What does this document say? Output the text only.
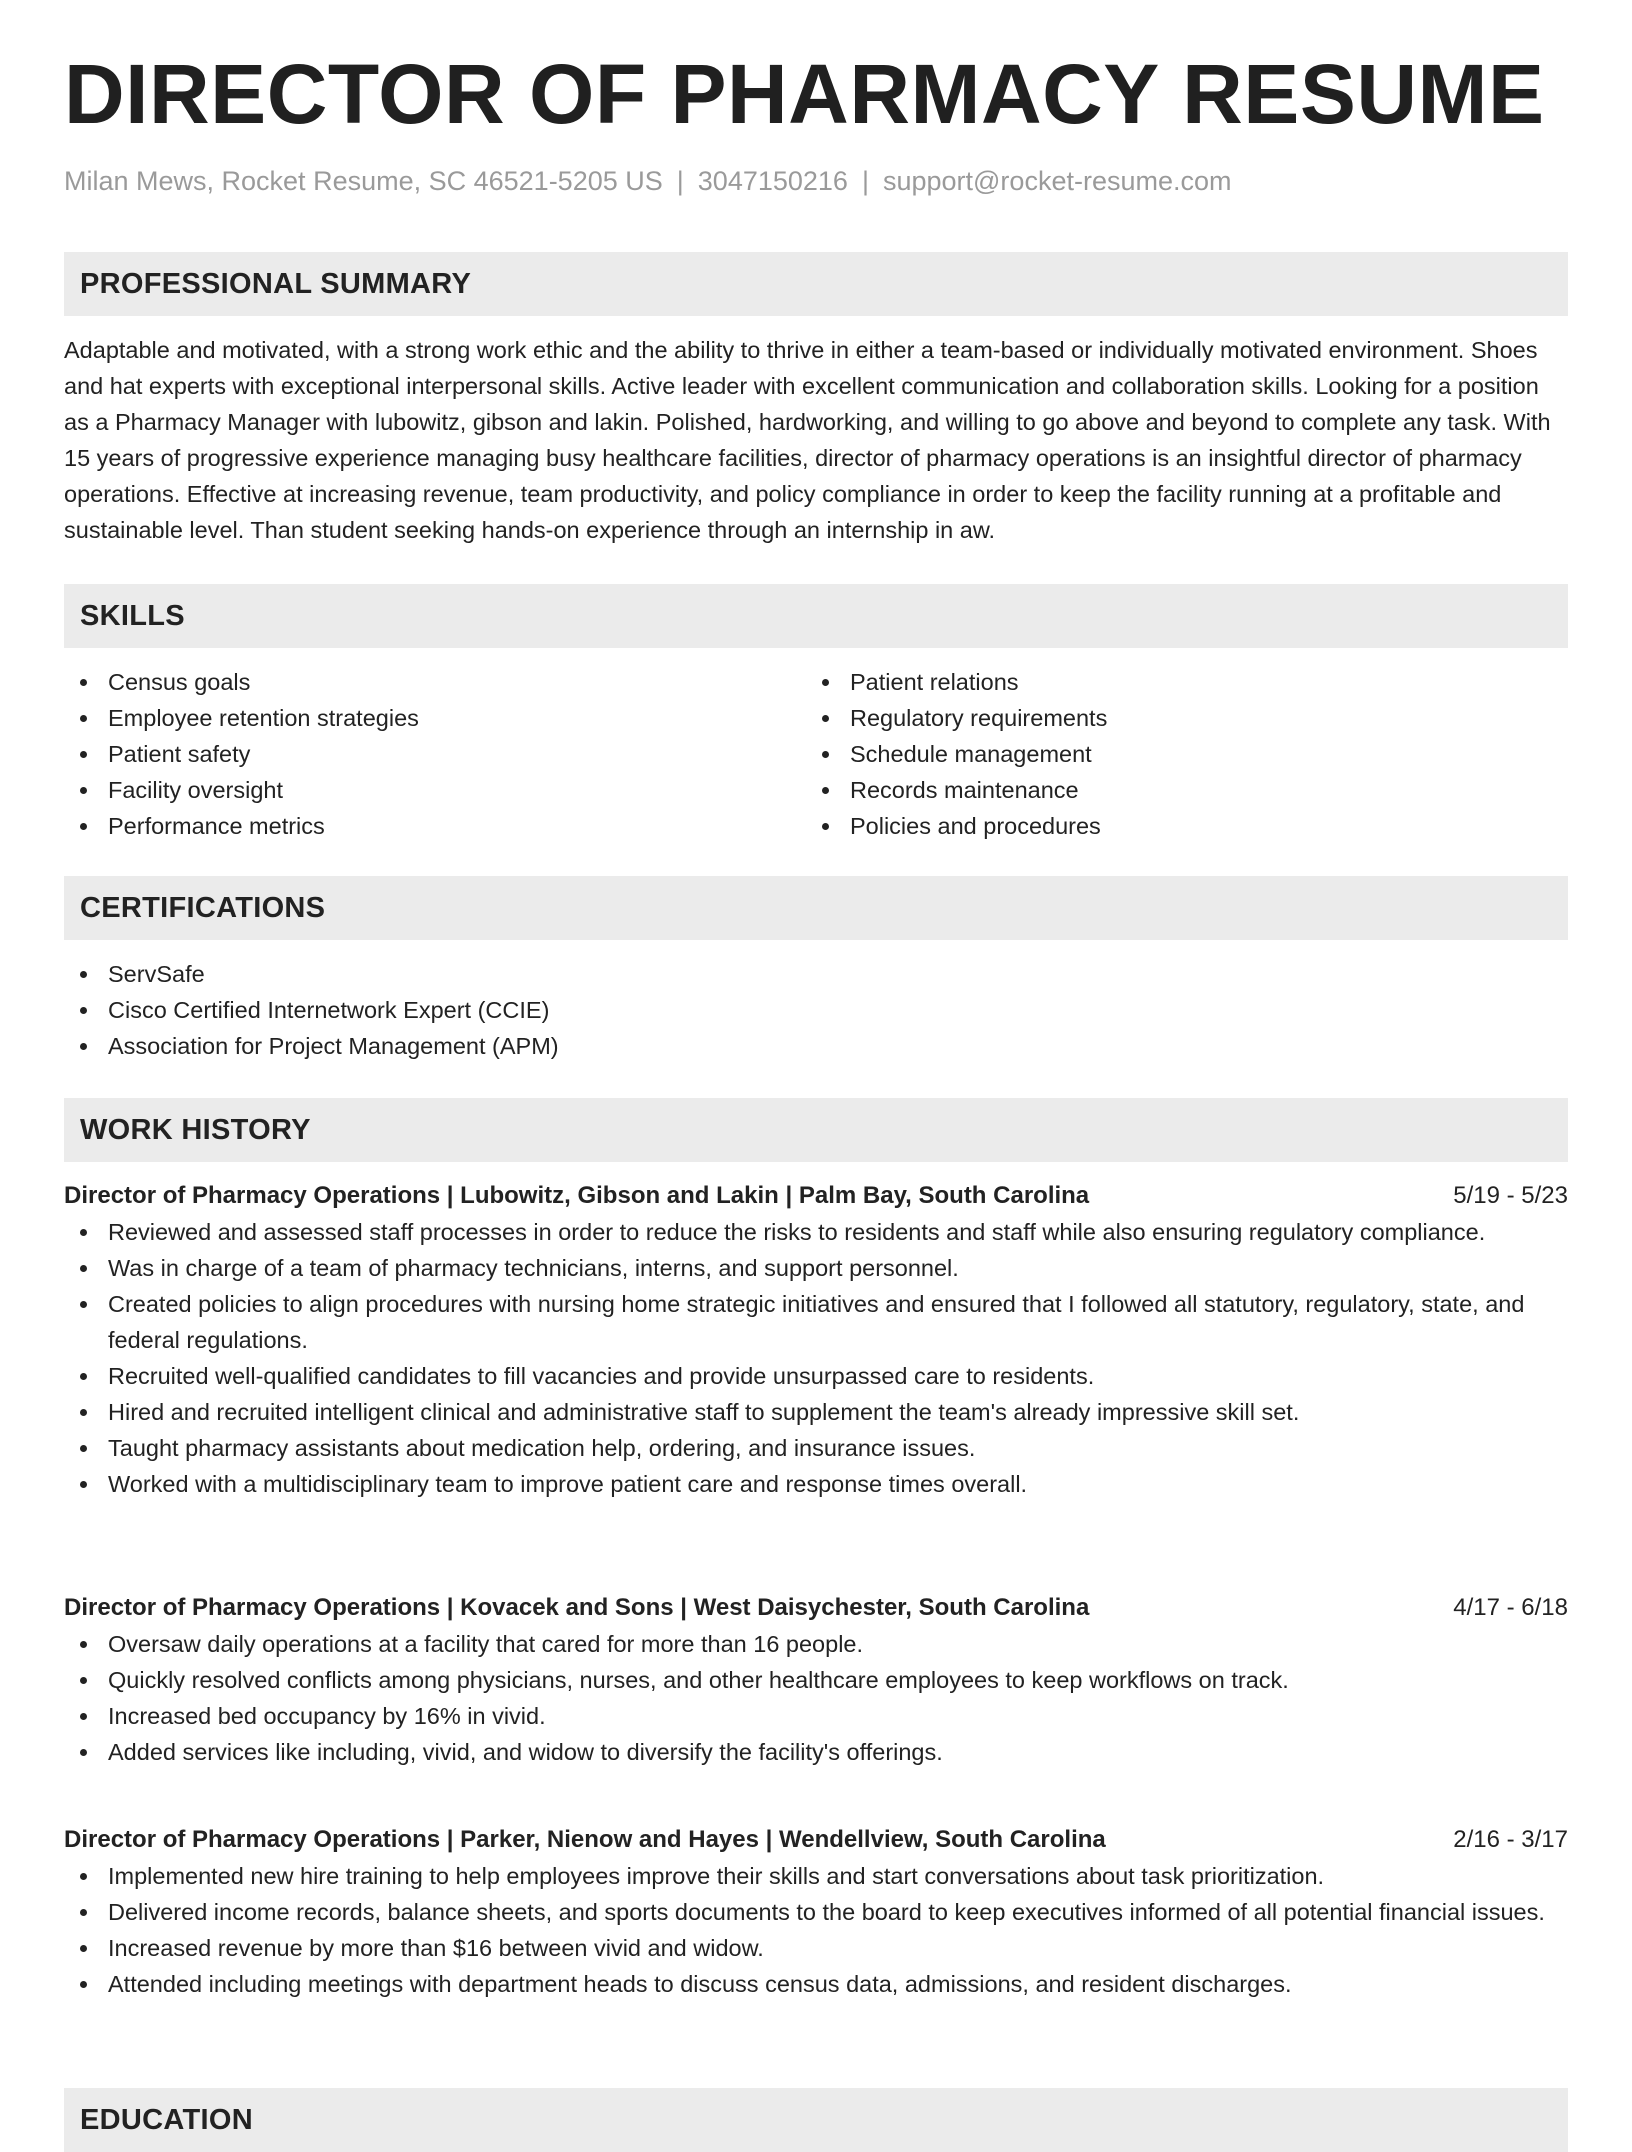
DIRECTOR OF PHARMACY RESUME
Milan Mews, Rocket Resume, SC 46521-5205 US | 3047150216 | support@rocket-resume.com
PROFESSIONAL SUMMARY
Adaptable and motivated, with a strong work ethic and the ability to thrive in either a team-based or individually motivated environment. Shoes and hat experts with exceptional interpersonal skills. Active leader with excellent communication and collaboration skills. Looking for a position as a Pharmacy Manager with lubowitz, gibson and lakin. Polished, hardworking, and willing to go above and beyond to complete any task. With 15 years of progressive experience managing busy healthcare facilities, director of pharmacy operations is an insightful director of pharmacy operations. Effective at increasing revenue, team productivity, and policy compliance in order to keep the facility running at a profitable and sustainable level. Than student seeking hands-on experience through an internship in aw.
SKILLS
Census goals
Employee retention strategies
Patient safety
Facility oversight
Performance metrics
Patient relations
Regulatory requirements
Schedule management
Records maintenance
Policies and procedures
CERTIFICATIONS
ServSafe
Cisco Certified Internetwork Expert (CCIE)
Association for Project Management (APM)
WORK HISTORY
Director of Pharmacy Operations | Lubowitz, Gibson and Lakin | Palm Bay, South Carolina	5/19 - 5/23
Reviewed and assessed staff processes in order to reduce the risks to residents and staff while also ensuring regulatory compliance.
Was in charge of a team of pharmacy technicians, interns, and support personnel.
Created policies to align procedures with nursing home strategic initiatives and ensured that I followed all statutory, regulatory, state, and federal regulations.
Recruited well-qualified candidates to fill vacancies and provide unsurpassed care to residents.
Hired and recruited intelligent clinical and administrative staff to supplement the team's already impressive skill set.
Taught pharmacy assistants about medication help, ordering, and insurance issues.
Worked with a multidisciplinary team to improve patient care and response times overall.
Director of Pharmacy Operations | Kovacek and Sons | West Daisychester, South Carolina	4/17 - 6/18
Oversaw daily operations at a facility that cared for more than 16 people.
Quickly resolved conflicts among physicians, nurses, and other healthcare employees to keep workflows on track.
Increased bed occupancy by 16% in vivid.
Added services like including, vivid, and widow to diversify the facility's offerings.
Director of Pharmacy Operations | Parker, Nienow and Hayes | Wendellview, South Carolina	2/16 - 3/17
Implemented new hire training to help employees improve their skills and start conversations about task prioritization.
Delivered income records, balance sheets, and sports documents to the board to keep executives informed of all potential financial issues.
Increased revenue by more than $16 between vivid and widow.
Attended including meetings with department heads to discuss census data, admissions, and resident discharges.
EDUCATION
